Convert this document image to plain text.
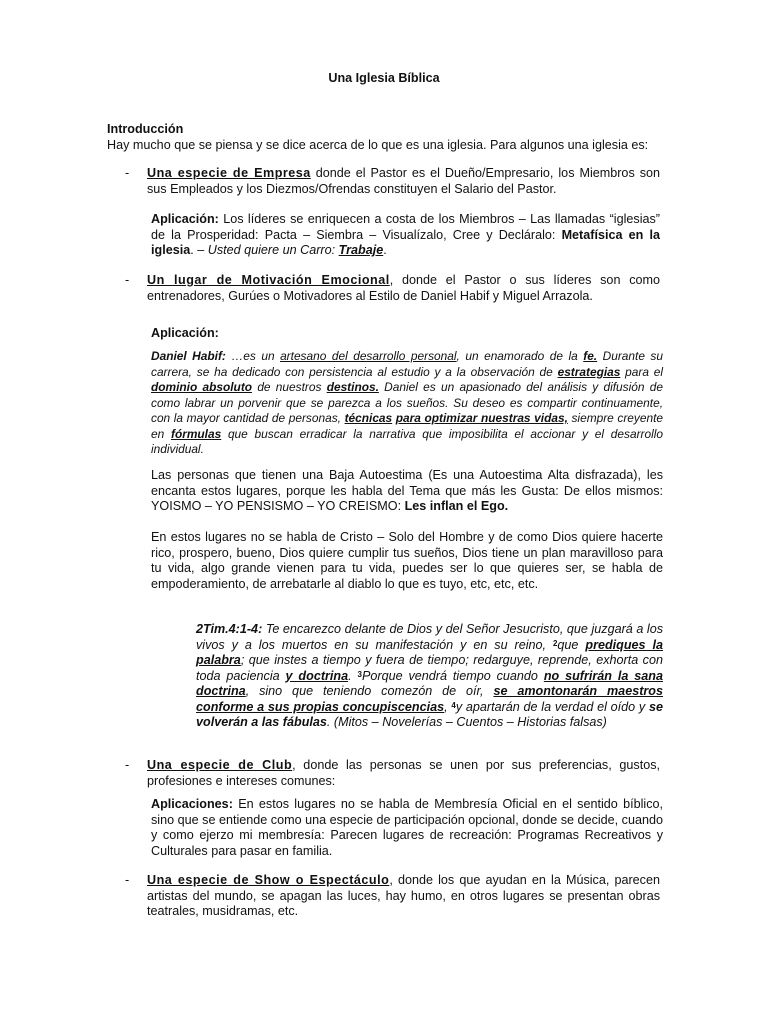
Una Iglesia Bíblica
Introducción
Hay mucho que se piensa y se dice acerca de lo que es una iglesia. Para algunos una iglesia es:
- Una especie de Empresa donde el Pastor es el Dueño/Empresario, los Miembros son sus Empleados y los Diezmos/Ofrendas constituyen el Salario del Pastor.
Aplicación: Los líderes se enriquecen a costa de los Miembros – Las llamadas “iglesias” de la Prosperidad: Pacta – Siembra – Visualízalo, Cree y Decláralo: Metafísica en la iglesia. – Usted quiere un Carro: Trabaje.
- Un lugar de Motivación Emocional, donde el Pastor o sus líderes son como entrenadores, Gurúes o Motivadores al Estilo de Daniel Habif y Miguel Arrazola.
Aplicación:
Daniel Habif: …es un artesano del desarrollo personal, un enamorado de la fe. Durante su carrera, se ha dedicado con persistencia al estudio y a la observación de estrategias para el dominio absoluto de nuestros destinos. Daniel es un apasionado del análisis y difusión de como labrar un porvenir que se parezca a los sueños. Su deseo es compartir continuamente, con la mayor cantidad de personas, técnicas para optimizar nuestras vidas, siempre creyente en fórmulas que buscan erradicar la narrativa que imposibilita el accionar y el desarrollo individual.
Las personas que tienen una Baja Autoestima (Es una Autoestima Alta disfrazada), les encanta estos lugares, porque les habla del Tema que más les Gusta: De ellos mismos: YOISMO – YO PENSISMO – YO CREISMO: Les inflan el Ego.
En estos lugares no se habla de Cristo – Solo del Hombre y de como Dios quiere hacerte rico, prospero, bueno, Dios quiere cumplir tus sueños, Dios tiene un plan maravilloso para tu vida, algo grande vienen para tu vida, puedes ser lo que quieres ser, se habla de empoderamiento, de arrebatarle al diablo lo que es tuyo, etc, etc, etc.
2Tim.4:1-4: Te encarezco delante de Dios y del Señor Jesucristo, que juzgará a los vivos y a los muertos en su manifestación y en su reino, $^2$que prediques la palabra; que instes a tiempo y fuera de tiempo; redarguye, reprende, exhorta con toda paciencia y doctrina. $^3$Porque vendrá tiempo cuando no sufrirán la sana doctrina, sino que teniendo comezón de oír, se amontonarán maestros conforme a sus propias concupiscencias, $^4$y apartarán de la verdad el oído y se volverán a las fábulas. (Mitos – Novelerías – Cuentos – Historias falsas)
- Una especie de Club, donde las personas se unen por sus preferencias, gustos, profesiones e intereses comunes:
Aplicaciones: En estos lugares no se habla de Membresía Oficial en el sentido bíblico, sino que se entiende como una especie de participación opcional, donde se decide, cuando y como ejerzo mi membresía: Parecen lugares de recreación: Programas Recreativos y Culturales para pasar en familia.
- Una especie de Show o Espectáculo, donde los que ayudan en la Música, parecen artistas del mundo, se apagan las luces, hay humo, en otros lugares se presentan obras teatrales, musidramas, etc.
